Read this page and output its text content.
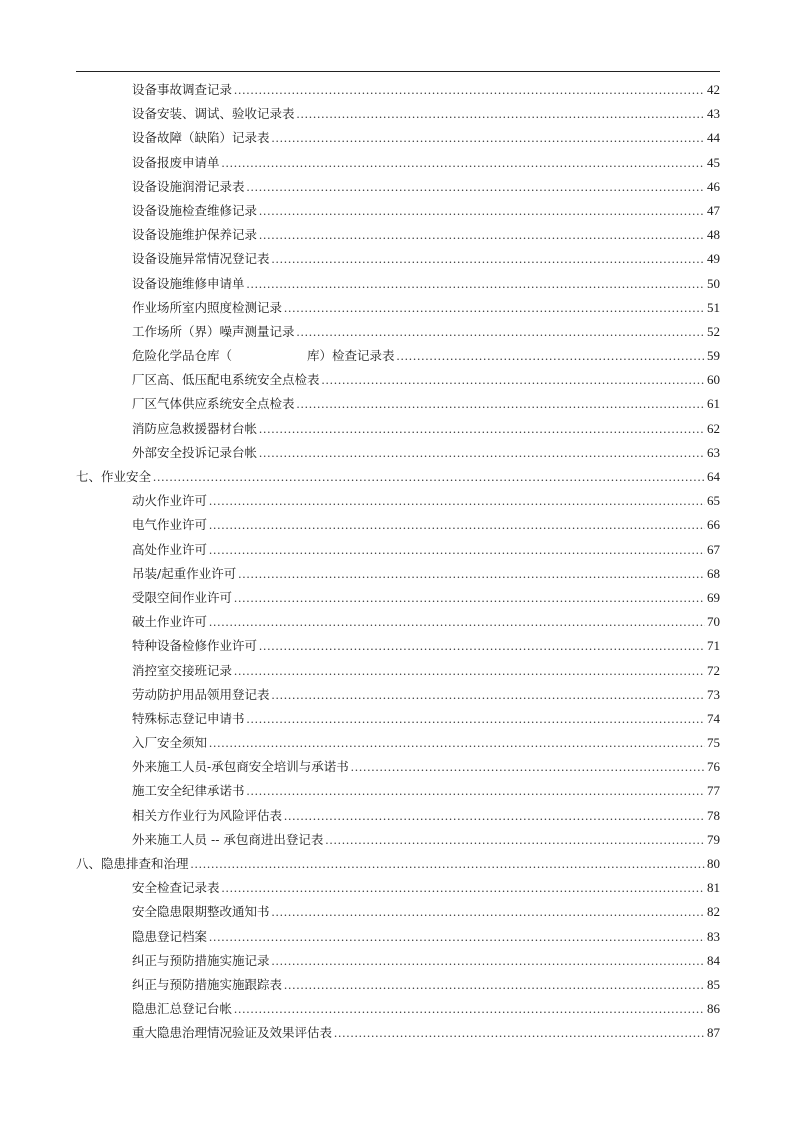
设备事故调查记录 .....	42
设备安装、调试、验收记录表 .....	43
设备故障（缺陷）记录表 .....	44
设备报废申请单 .....	45
设备设施润滑记录表 .....	46
设备设施检查维修记录 .....	47
设备设施维护保养记录 .....	48
设备设施异常情况登记表 .....	49
设备设施维修申请单 .....	50
作业场所室内照度检测记录 .....	51
工作场所（界）噪声测量记录 .....	52
危险化学品仓库（　　　　　　库）检查记录表 .....	59
厂区高、低压配电系统安全点检表 .....	60
厂区气体供应系统安全点检表 .....	61
消防应急救援器材台帐 .....	62
外部安全投诉记录台帐 .....	63
七、作业安全 .....	64
动火作业许可 .....	65
电气作业许可 .....	66
高处作业许可 .....	67
吊装/起重作业许可 .....	68
受限空间作业许可 .....	69
破土作业许可 .....	70
特种设备检修作业许可 .....	71
消控室交接班记录 .....	72
劳动防护用品领用登记表 .....	73
特殊标志登记申请书 .....	74
入厂安全须知 .....	75
外来施工人员-承包商安全培训与承诺书 .....	76
施工安全纪律承诺书 .....	77
相关方作业行为风险评估表 .....	78
外来施工人员 -- 承包商进出登记表 .....	79
八、隐患排查和治理 .....	80
安全检查记录表 .....	81
安全隐患限期整改通知书 .....	82
隐患登记档案 .....	83
纠正与预防措施实施记录 .....	84
纠正与预防措施实施跟踪表 .....	85
隐患汇总登记台帐 .....	86
重大隐患治理情况验证及效果评估表 .....	87
